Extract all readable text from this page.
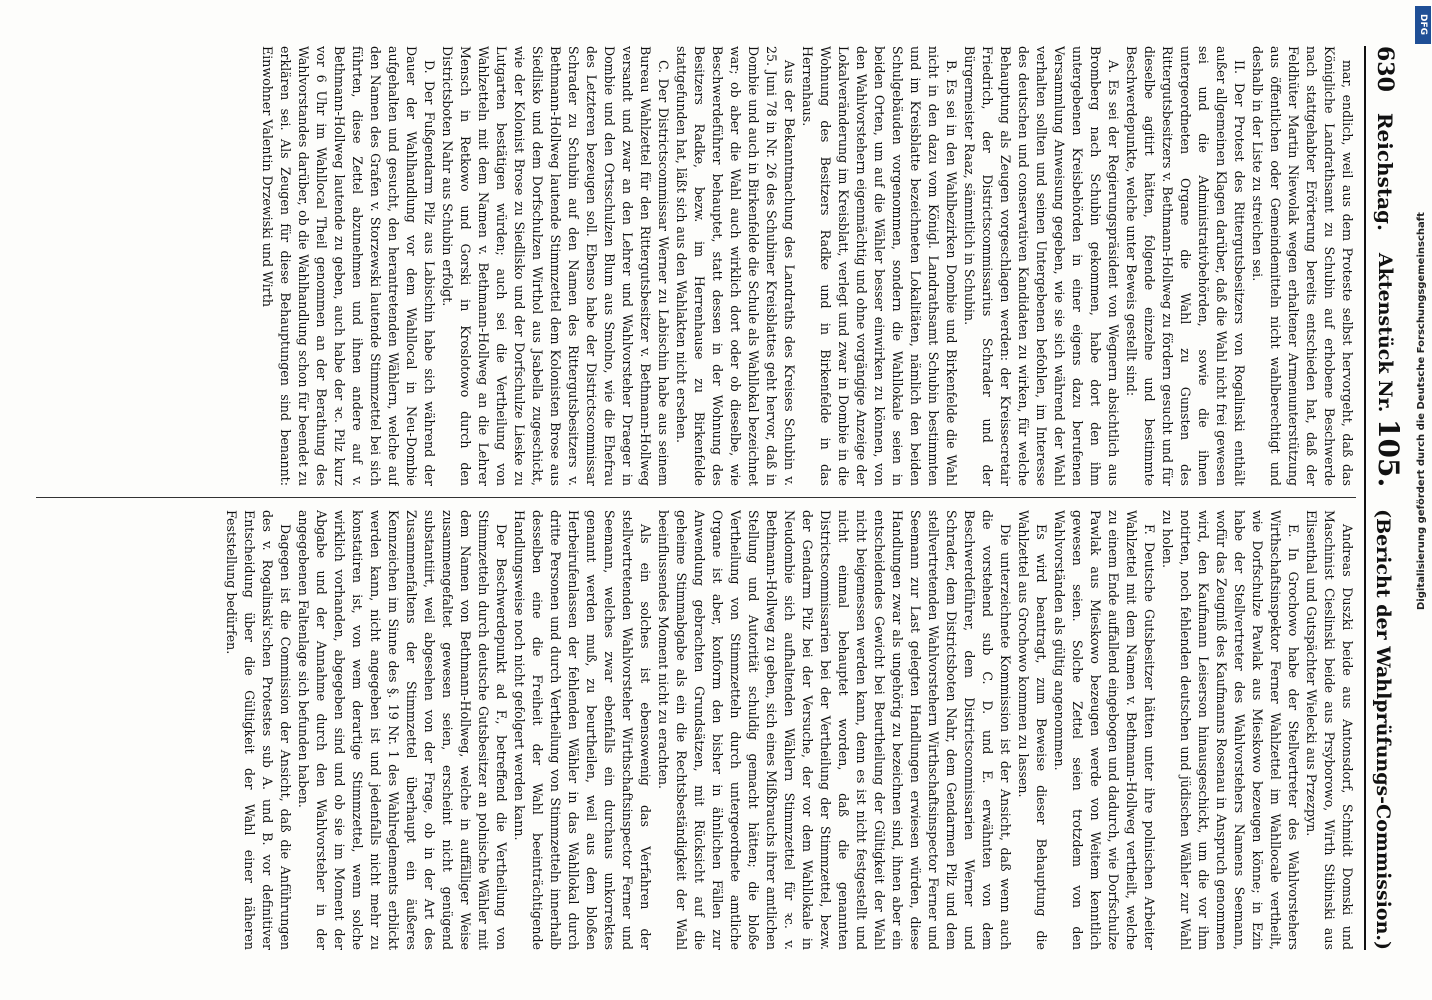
630 Reichstag.
Aktenstück Nr. 105.
(Bericht der Wahlprüfungs-Commission.)

mar, endlich, weil aus dem Proteste selbst hervorgeht, daß das Königliche Landrathsamt zu Schubin auf erhobene Beschwerde nach stattgehabter Erörterung bereits entschieden hat, daß der Feldhüter Martin Niewolak wegen erhaltener Armenunterstützung aus öffentlichen oder Gemeindemitteln nicht wahlberechtigt und deshalb in der Liste zu streichen sei.

II. Der Protest des Rittergutsbesitzers von Rogalinski enthält außer allgemeinen Klagen darüber, daß die Wahl nicht frei gewesen sei und die Administrativbehörden, sowie die ihnen untergeordneten Organe die Wahl zu Gunsten des Rittergutsbesitzers v. Bethmann-Hollweg zu fördern gesucht und für dieselbe agitirt hätten, folgende einzelne und bestimmte Beschwerdepunkte, welche unter Beweis gestellt sind:

A. Es sei der Regierungspräsident von Wegnern absichtlich aus Bromberg nach Schubin gekommen, habe dort den ihm untergebenen Kreisbehörden in einer eigens dazu berufenen Versammlung Anweisung gegeben, wie sie sich während der Wahl verhalten sollten und seinen Untergebenen befohlen, im Interesse des deutschen und conservativen Kandidaten zu wirken, für welche Behauptung als Zeugen vorgeschlagen werden: der Kreissecretair Friedrich, der Districtscommissarius Schrader und der Bürgermeister Raaz, sämmtlich in Schubin.

B. Es sei in den Wahlbezirken Dombie und Birkenfelde die Wahl nicht in den dazu vom Königl. Landrathsamt Schubin bestimmten und im Kreisblatte bezeichneten Lokalitäten, nämlich den beiden Schulgebäuden vorgenommen, sondern die Wahllokale seien in beiden Orten, um auf die Wähler besser einwirken zu können, von den Wahlvorstehern eigenmächtig und ohne vorgängige Anzeige der Lokalveränderung im Kreisblatt, verlegt und zwar in Dombie in die Wohnung des Besitzers Radke und in Birkenfelde in das Herrenhaus.

Aus der Bekanntmachung des Landraths des Kreises Schubin v. 25. Juni 78 in Nr. 26 des Schubiner Kreisblattes geht hervor, daß in Dombie und auch in Birkenfelde die Schule als Wahllokal bezeichnet war; ob aber die Wahl auch wirklich dort oder ob dieselbe, wie Beschwerdeführer behauptet, statt dessen in der Wohnung des Besitzers Radke, bezw. im Herrenhause zu Birkenfelde stattgefunden hat, läßt sich aus den Wahlakten nicht ersehen.

C. Der Districtscommissar Werner zu Labischin habe aus seinem Bureau Wahlzettel für den Rittergutsbesitzer v. Bethmann-Hollweg versandt und zwar an den Lehrer und Wahlvorsteher Draeger in Dombie und den Ortsschulzen Blum aus Smolno, wie die Ehefrau des Letzteren bezeugen soll. Ebenso habe der Districtscommissar Schrader zu Schubin auf den Namen des Rittergutsbesitzers v. Bethmann-Hollweg lautende Stimmzettel dem Kolonisten Brose aus Siedlisko und dem Dorfschulzen Wirthol aus Jsabella zugeschickt, wie der Kolonist Brose zu Siedlisko und der Dorfschulze Lieske zu Lutgarten bestätigen würden; auch sei die Vertheilung von Wahlzetteln mit dem Namen v. Bethmann-Hollweg an die Lehrer Mensch in Retkowo und Gorski in Kroslotowo durch den Districtsboten Nahr aus Schubin erfolgt.

D. Der Fußgendarm Pilz aus Labischin habe sich während der Dauer der Wahlhandlung vor dem Wahllocal in Neu-Dombie aufgehalten und gesucht, den herantretenden Wählern, welche auf den Namen des Grafen v. Storzewski lautende Stimmzettel bei sich führten, diese Zettel abzunehmen und ihnen andere auf v. Bethmann-Hollweg lautende zu geben, auch habe der ꝛc. Pilz kurz vor 6 Uhr im Wahllocal Theil genommen an der Berathung des Wahlvorstandes darüber, ob die Wahlhandlung schon für beendet zu erklären sei. Als Zeugen für diese Behauptungen sind benannt: Einwohner Valentin Drzewiski und Wirth

Andreas Duszki beide aus Antonsdorf, Schmidt Domski und Maschinist Cieslinski beide aus Prsyborowo, Wirth Stibinski aus Elisenthal und Gutspächter Wielecki aus Przezpyn.

E. In Grochowo habe der Stellvertreter des Wahlvorstehers Wirthschaftsinspektor Ferner Wahlzettel im Wahllocale vertheilt, wie Dorfschulze Pawlak aus Mieskowo bezeugen könne; in Ezin habe der Stellvertreter des Wahlvorstehers Namens Seemann, wofür das Zeugniß des Kaufmanns Rosenau in Anspruch genommen wird, den Kaufmann Leiserson hinausgeschickt, um die vor ihm notirten, noch fehlenden deutschen und jüdischen Wähler zur Wahl zu holen.

F. Deutsche Gutsbesitzer hätten unter ihre polnischen Arbeiter Wahlzettel mit dem Namen v. Bethmann-Hollweg vertheilt, welche zu einem Ende auffallend eingebogen und dadurch, wie Dorfschulze Pawlak aus Mieskowo bezeugen werde von Weitem kenntlich gewesen seien. Solche Zettel seien trotzdem von den Wahlvorständen als gültig angenommen.

Es wird beantragt, zum Beweise dieser Behauptung die Wahlzettel aus Grochowo kommen zu lassen.

Die unterzeichnete Kommission ist der Ansicht, daß wenn auch die vorstehend sub C. D. und E. erwähnten von dem Beschwerdeführer, dem Districtscommissarien Werner und Schrader, dem Districtsboten Nahr, dem Gendarmen Pilz und dem stellvertretenden Wahlvorstehern Wirthschaftsinspector Ferner und Seemann zur Last gelegten Handlungen erwiesen würden, diese Handlungen zwar als ungehörig zu bezeichnen sind, ihnen aber ein entscheidendes Gewicht bei Beurtheilung der Gültigkeit der Wahl nicht beigemessen werden kann, denn es ist nicht festgestellt und nicht einmal behauptet worden, daß die genannten Districtscommissarien bei der Vertheilung der Stimmzettel, bezw. der Gendarm Pilz bei der Versuche, der vor dem Wahllokale in Neudombie sich aufhaltenden Wählern Stimmzettel für ꝛc. v. Bethmann-Hollweg zu geben, sich eines Mißbrauchs ihrer amtlichen Stellung und Autorität schuldig gemacht hätten; die bloße Vertheilung von Stimmzetteln durch untergeordnete amtliche Organe ist aber, konform den bisher in ähnlichen Fällen zur Anwendung gebrachten Grundsätzen, mit Rücksicht auf die geheime Stimmabgabe als ein die Rechtsbeständigkeit der Wahl beeinflussendes Moment nicht zu erachten.

Als ein solches ist ebensowenig das Verfahren der stellvertretenden Wahlvorsteher Wirthschaftsinspector Ferner und Seemann, welches zwar ebenfalls ein durchaus unkorrektes genannt werden muß, zu beurtheilen, weil aus dem bloßen Herbeirufenlassen der fehlenden Wähler in das Wahllokal durch dritte Personen und durch Vertheilung von Stimmzetteln innerhalb desselben eine die Freiheit der Wahl beeinträchtigende Handlungsweise noch nicht gefolgert werden kann.

Der Beschwerdepunkt ad F., betreffend die Vertheilung von Stimmzetteln durch deutsche Gutsbesitzer an polnische Wähler mit dem Namen von Bethmann-Hollweg, welche in auffälliger Weise zusammengefaltet gewesen seien, erscheint nicht genügend substantiirt, weil abgesehen von der Frage, ob in der Art des Zusammenfaltens der Stimmzettel überhaupt ein äußeres Kennzeichen im Sinne des §. 19 Nr. 1 des Wahlreglements erblickt werden kann, nicht angegeben ist und jedenfalls nicht mehr zu konstatiren ist, von wem derartige Stimmzettel, wenn solche wirklich vorhanden, abgegeben sind und ob sie im Moment der Abgabe und der Annahme durch den Wahlvorsteher in der angegebenen Faltenlage sich befunden haben.

Dagegen ist die Commission der Ansicht, daß die Anführungen des v. Rogalinski'schen Protestes sub A. und B. vor definitiver Entscheidung über die Gültigkeit der Wahl einer näheren Feststellung bedürfen.

DFG
Digitalisierung gefördert durch die Deutsche Forschungsgemeinschaft
